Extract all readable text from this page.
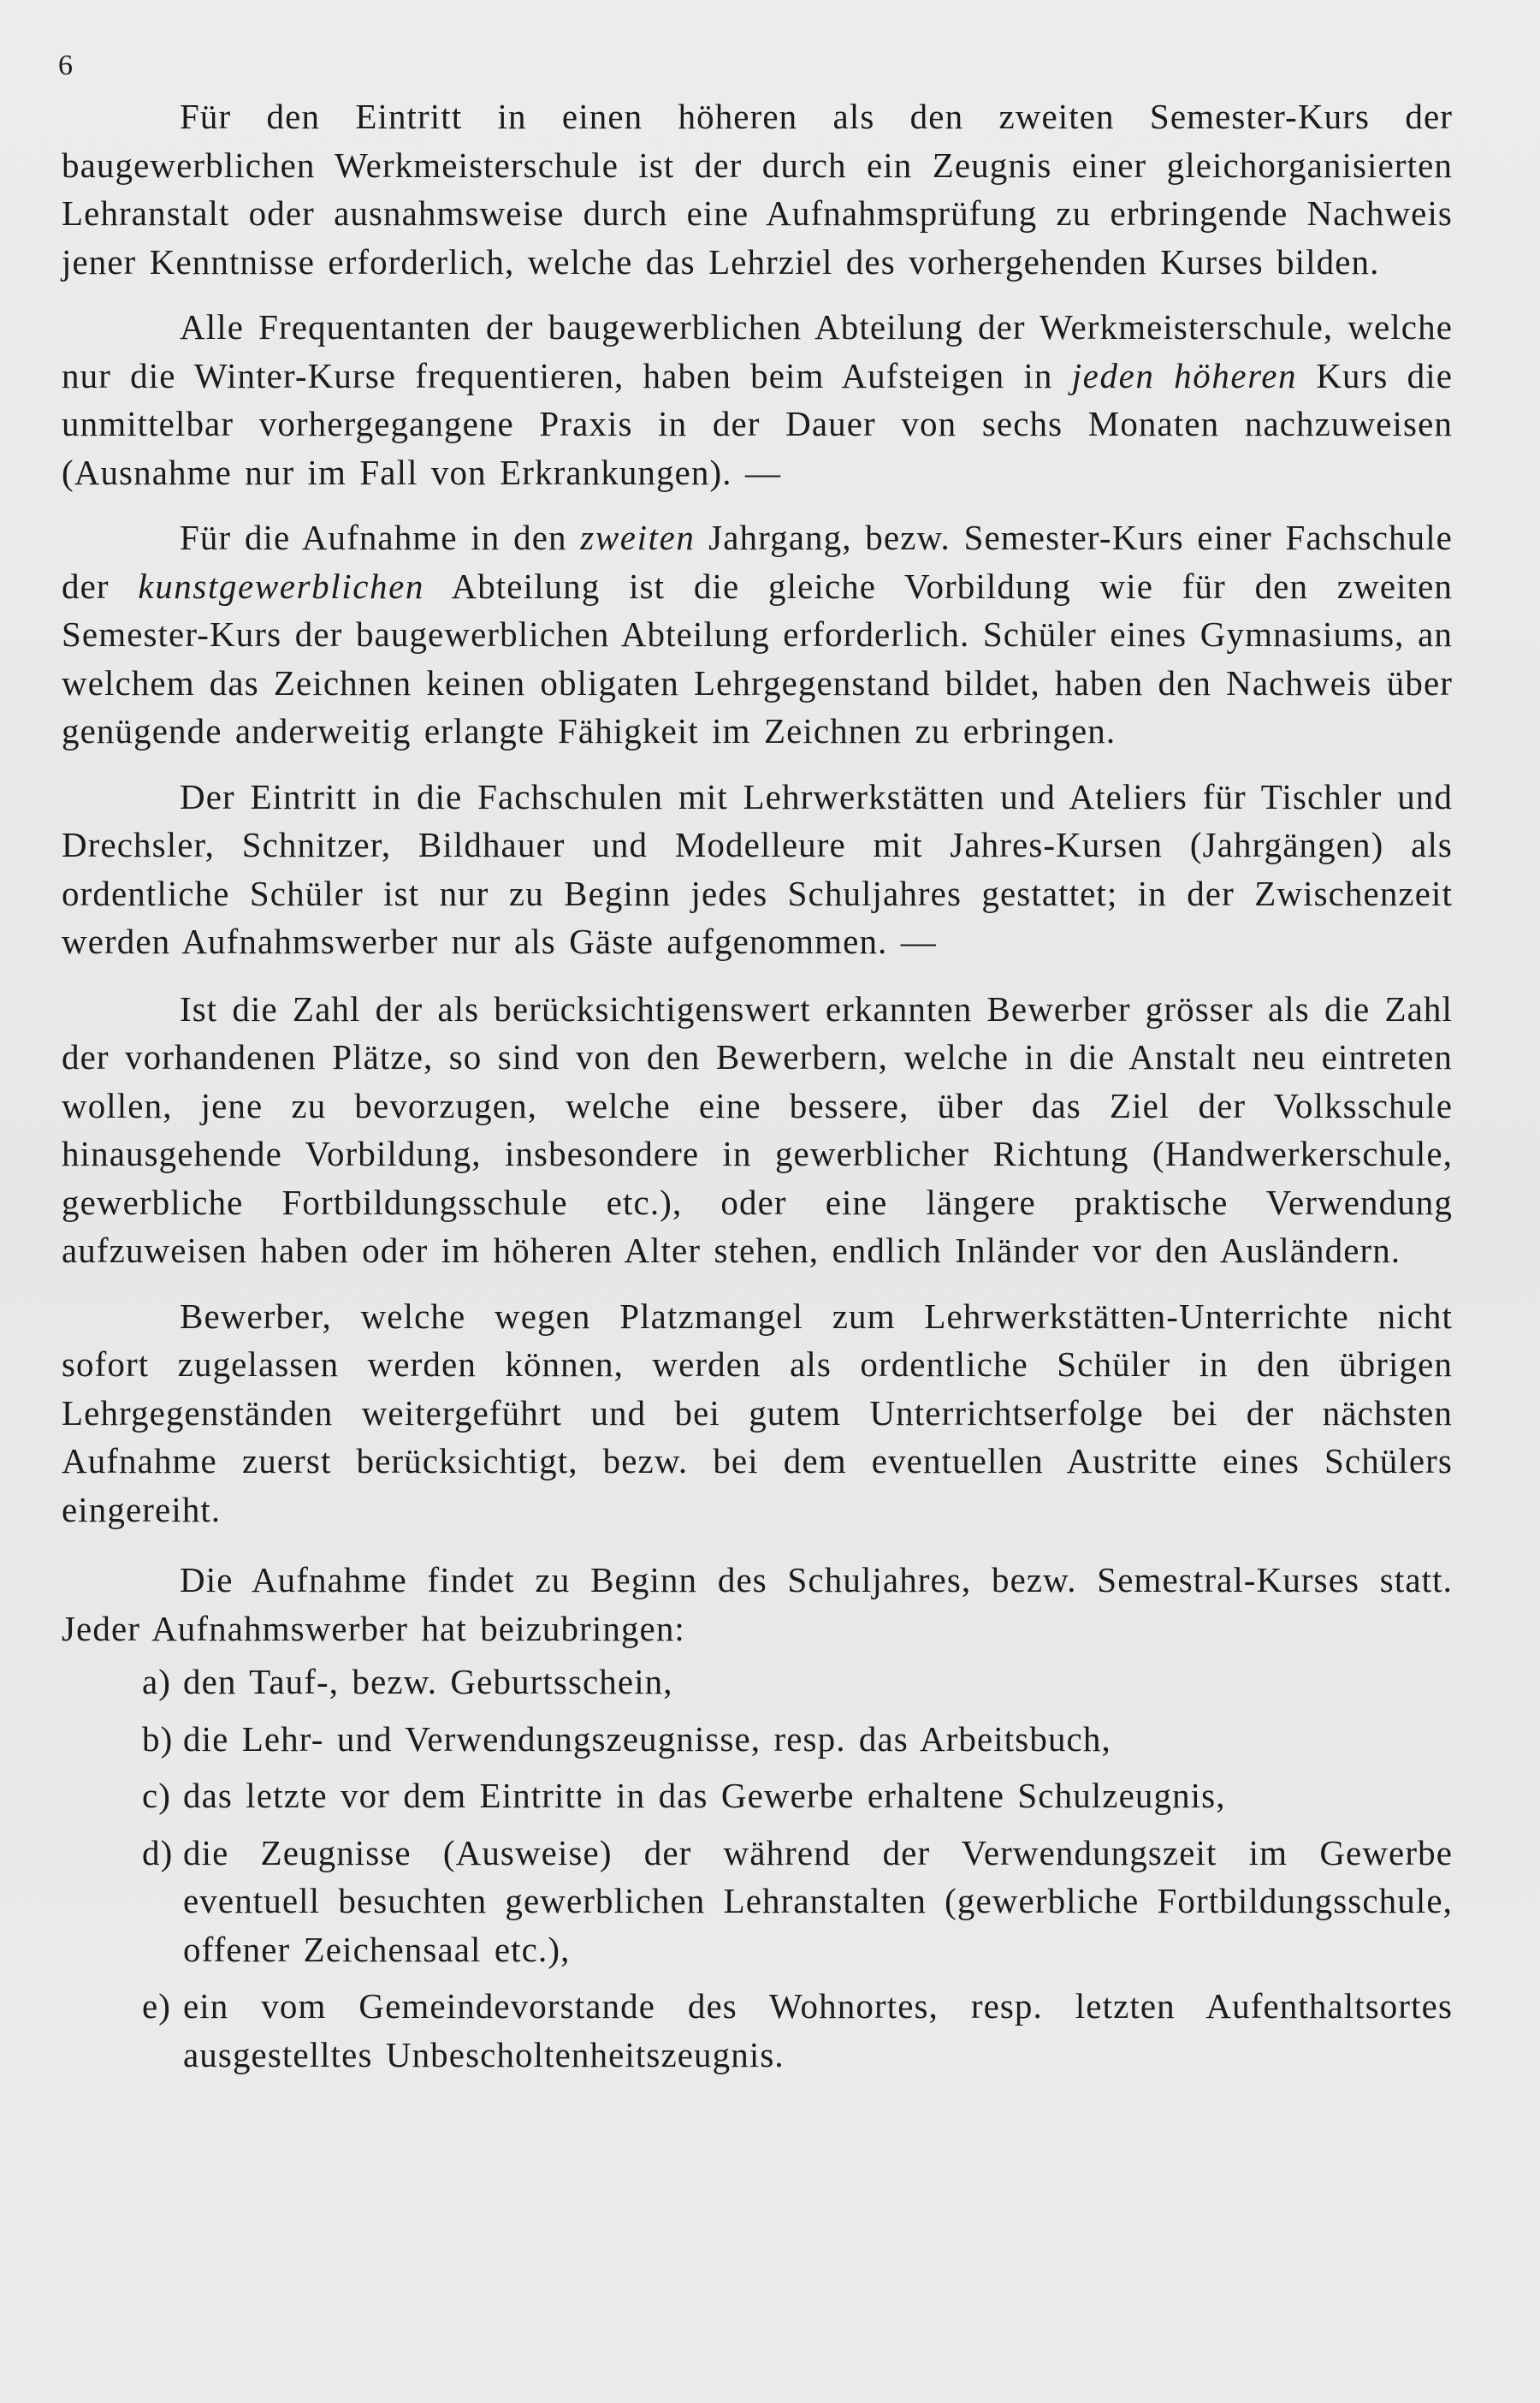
6

Für den Eintritt in einen höheren als den zweiten Semester-Kurs der baugewerblichen Werkmeisterschule ist der durch ein Zeugnis einer gleichorganisierten Lehranstalt oder ausnahmsweise durch eine Aufnahmsprüfung zu erbringende Nachweis jener Kenntnisse erforderlich, welche das Lehrziel des vorhergehenden Kurses bilden.

Alle Frequentanten der baugewerblichen Abteilung der Werkmeisterschule, welche nur die Winter-Kurse frequentieren, haben beim Aufsteigen in jeden höheren Kurs die unmittelbar vorhergegangene Praxis in der Dauer von sechs Monaten nachzuweisen (Ausnahme nur im Fall von Erkrankungen). —

Für die Aufnahme in den zweiten Jahrgang, bezw. Semester-Kurs einer Fachschule der kunstgewerblichen Abteilung ist die gleiche Vorbildung wie für den zweiten Semester-Kurs der baugewerblichen Abteilung erforderlich. Schüler eines Gymnasiums, an welchem das Zeichnen keinen obligaten Lehrgegenstand bildet, haben den Nachweis über genügende anderweitig erlangte Fähigkeit im Zeichnen zu erbringen.

Der Eintritt in die Fachschulen mit Lehrwerkstätten und Ateliers für Tischler und Drechsler, Schnitzer, Bildhauer und Modelleure mit Jahres-Kursen (Jahrgängen) als ordentliche Schüler ist nur zu Beginn jedes Schuljahres gestattet; in der Zwischenzeit werden Aufnahmswerber nur als Gäste aufgenommen. —

Ist die Zahl der als berücksichtigenswert erkannten Bewerber grösser als die Zahl der vorhandenen Plätze, so sind von den Bewerbern, welche in die Anstalt neu eintreten wollen, jene zu bevorzugen, welche eine bessere, über das Ziel der Volksschule hinausgehende Vorbildung, insbesondere in gewerblicher Richtung (Handwerkerschule, gewerbliche Fortbildungsschule etc.), oder eine längere praktische Verwendung aufzuweisen haben oder im höheren Alter stehen, endlich Inländer vor den Ausländern.

Bewerber, welche wegen Platzmangel zum Lehrwerkstätten-Unterrichte nicht sofort zugelassen werden können, werden als ordentliche Schüler in den übrigen Lehrgegenständen weitergeführt und bei gutem Unterrichtserfolge bei der nächsten Aufnahme zuerst berücksichtigt, bezw. bei dem eventuellen Austritte eines Schülers eingereiht.

Die Aufnahme findet zu Beginn des Schuljahres, bezw. Semestral-Kurses statt. Jeder Aufnahmswerber hat beizubringen:

a) den Tauf-, bezw. Geburtsschein,
b) die Lehr- und Verwendungszeugnisse, resp. das Arbeitsbuch,
c) das letzte vor dem Eintritte in das Gewerbe erhaltene Schulzeugnis,
d) die Zeugnisse (Ausweise) der während der Verwendungszeit im Gewerbe eventuell besuchten gewerblichen Lehranstalten (gewerbliche Fortbildungsschule, offener Zeichensaal etc.),
e) ein vom Gemeindevorstande des Wohnortes, resp. letzten Aufenthaltsortes ausgestelltes Unbescholtenheitszeugnis.
